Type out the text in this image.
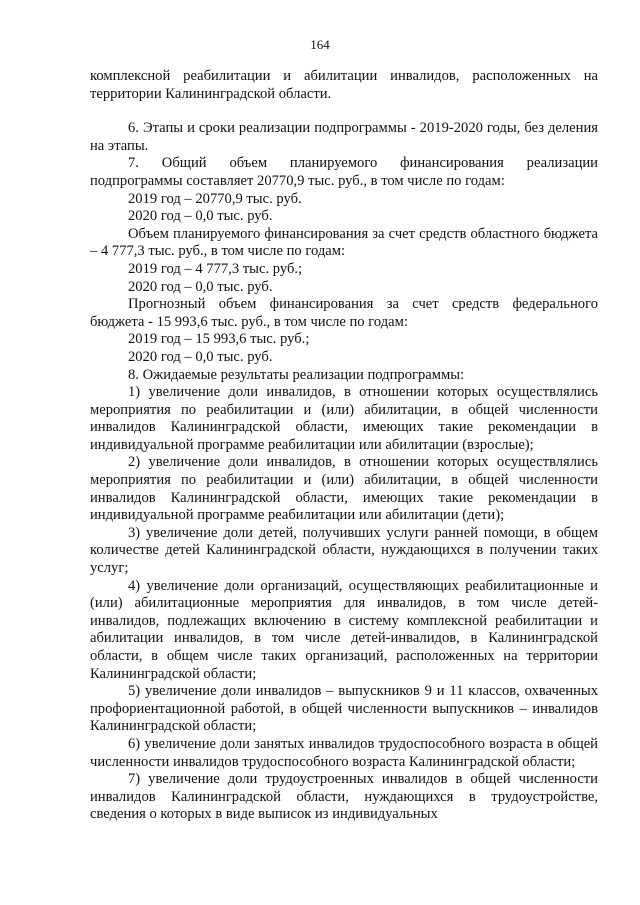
164

комплексной реабилитации и абилитации инвалидов, расположенных на территории Калининградской области.

6. Этапы и сроки реализации подпрограммы - 2019-2020 годы, без деления на этапы.

7. Общий объем планируемого финансирования реализации подпрограммы составляет 20770,9 тыс. руб., в том числе по годам:

2019 год – 20770,9 тыс. руб.

2020 год – 0,0 тыс. руб.

Объем планируемого финансирования за счет средств областного бюджета – 4 777,3 тыс. руб., в том числе по годам:

2019 год – 4 777,3 тыс. руб.;

2020 год – 0,0 тыс. руб.

Прогнозный объем финансирования за счет средств федерального бюджета - 15 993,6 тыс. руб., в том числе по годам:

2019 год – 15 993,6 тыс. руб.;

2020 год – 0,0 тыс. руб.

8. Ожидаемые результаты реализации подпрограммы:

1) увеличение доли инвалидов, в отношении которых осуществлялись мероприятия по реабилитации и (или) абилитации, в общей численности инвалидов Калининградской области, имеющих такие рекомендации в индивидуальной программе реабилитации или абилитации (взрослые);

2) увеличение доли инвалидов, в отношении которых осуществлялись мероприятия по реабилитации и (или) абилитации, в общей численности инвалидов Калининградской области, имеющих такие рекомендации в индивидуальной программе реабилитации или абилитации (дети);

3) увеличение доли детей, получивших услуги ранней помощи, в общем количестве детей Калининградской области, нуждающихся в получении таких услуг;

4) увеличение доли организаций, осуществляющих реабилитационные и (или) абилитационные мероприятия для инвалидов, в том числе детей-инвалидов, подлежащих включению в систему комплексной реабилитации и абилитации инвалидов, в том числе детей-инвалидов, в Калининградской области, в общем числе таких организаций, расположенных на территории Калининградской области;

5) увеличение доли инвалидов – выпускников 9 и 11 классов, охваченных профориентационной работой, в общей численности выпускников – инвалидов Калининградской области;

6) увеличение доли занятых инвалидов трудоспособного возраста в общей численности инвалидов трудоспособного возраста Калининградской области;

7) увеличение доли трудоустроенных инвалидов в общей численности инвалидов Калининградской области, нуждающихся в трудоустройстве, сведения о которых в виде выписок из индивидуальных
